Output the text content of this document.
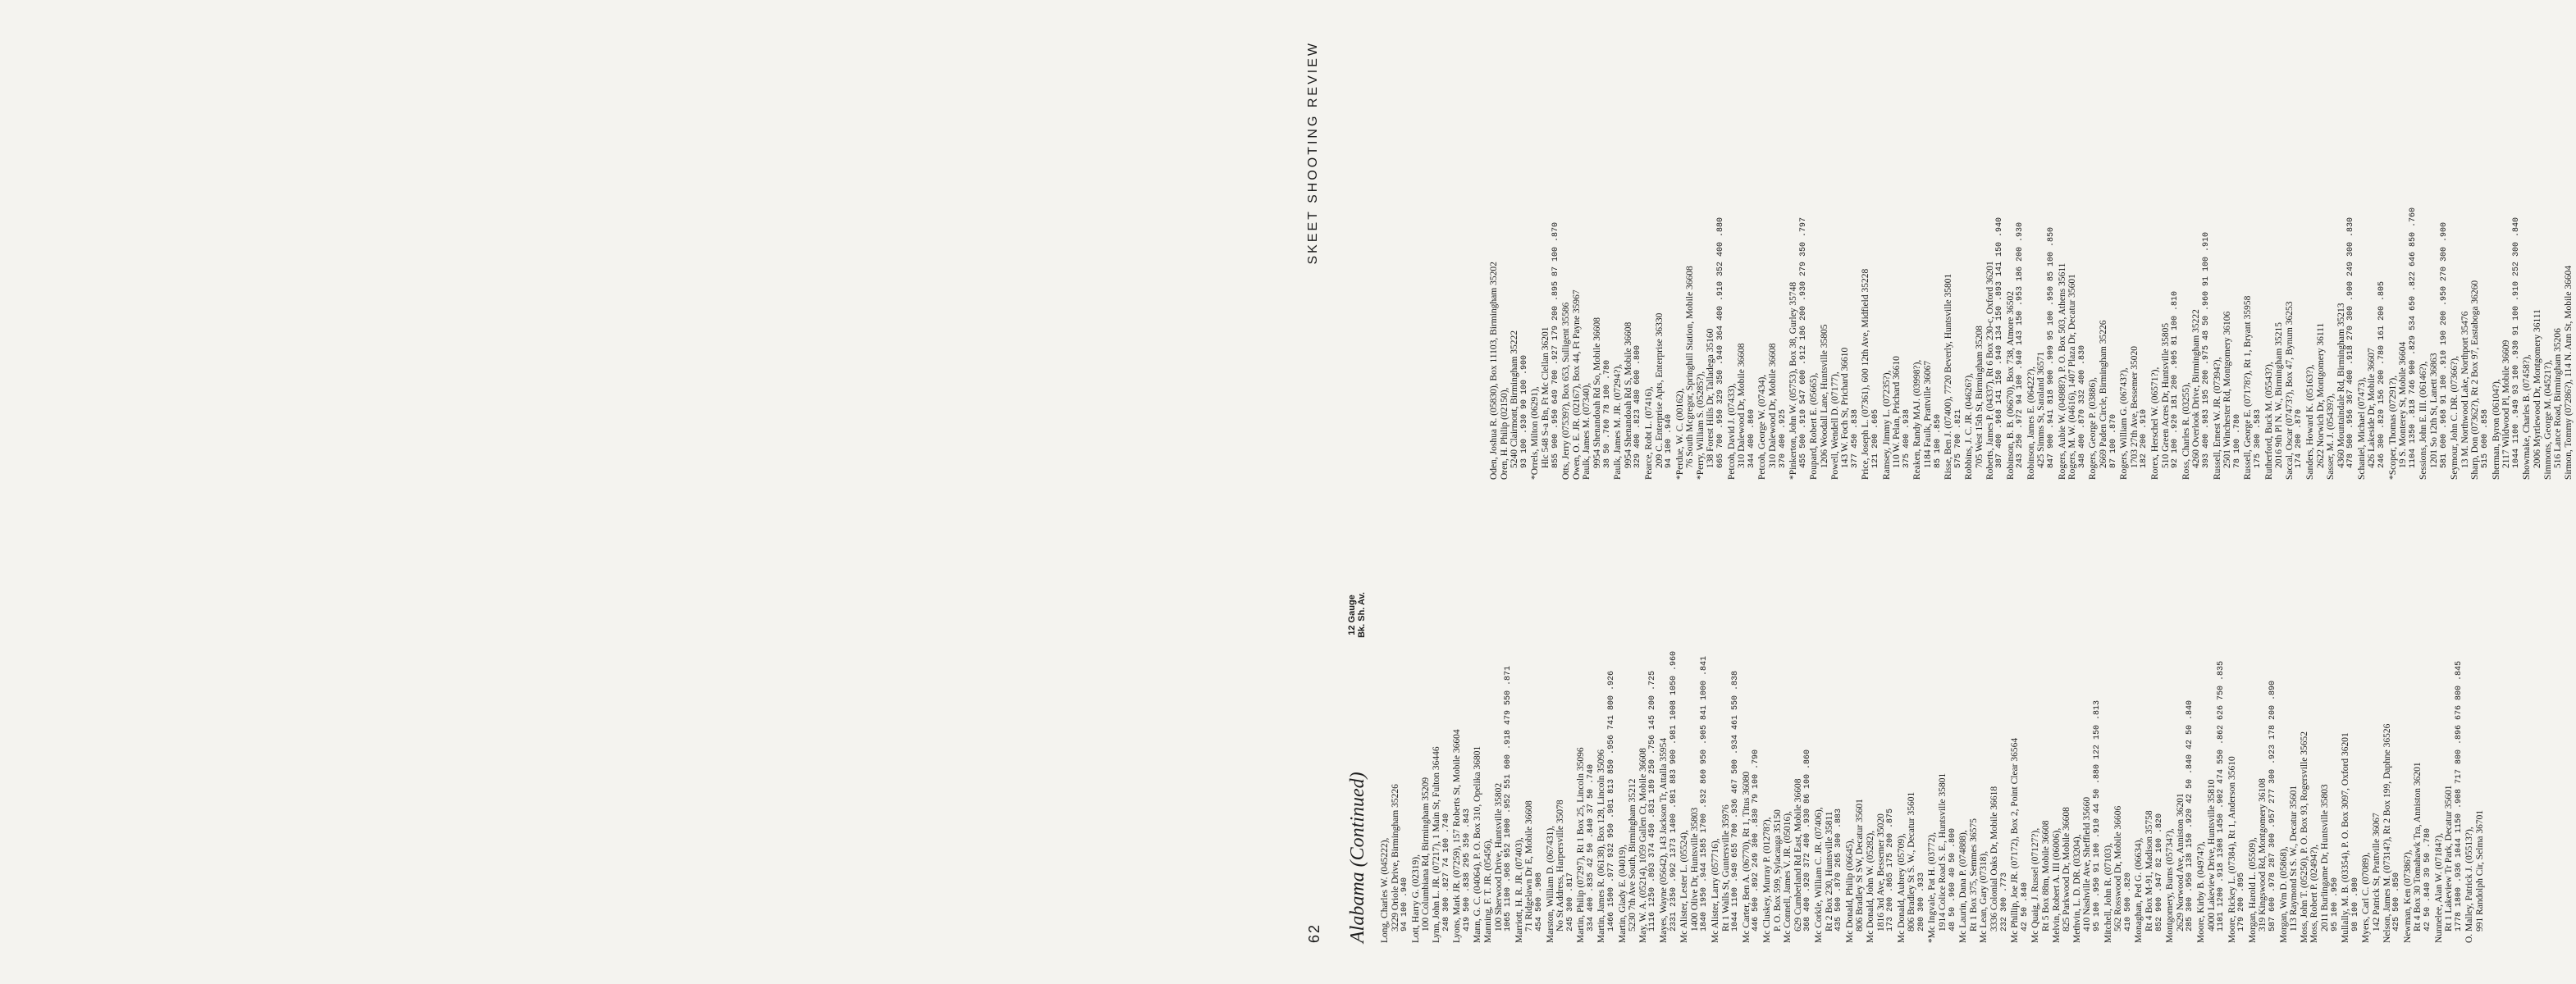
62
SKEET SHOOTING REVIEW
Alabama (Continued) Long, Charles W. (045222), 3229 Oriole Drive, Birmingham 35226 94 100 .940 Lott, Harry G. (02319), 100 Columbiana Rd, Birmingham 35209 Lynn, John L. JR. (07217), 1 Main St, Fulton 36446 248 300 .827 74 100 .740 Lyons, Mark JR. (07259), 157 Roberts St, Mobile 36604 419 500 .838 295 350 .843 Mann, G. C. (04064), P. O. Box 310, Opelika 36801 Manning, F. T. JR. (05456), 100 Sherwood Drive, Huntsville 35802 1065 1100 .968 952 1000 .952 551 600 .918 479 550 .871 Marriott, H. R. JR. (07403), 71 Ridgelawn Dr E, Mobile 36608 454 500 .908 Marston, William D. (067431), No St Address, Harpersville 35078 245 300 .817 Martin, Philip (07297), Rt 1 Box 25, Lincoln 35096 334 400 .835 42 50 .840 37 50 .740 Martin, James R. (06138), Box 128, Lincoln 35096 1466 1500 .977 932 950 .981 813 850 .956 741 800 .926 Martin, Glady E. (04019), 5230 7th Ave South, Birmingham 35212 May, W. A. (05214), 1059 Gallen Ct, Mobile 36608 1116 1250 .893 374 450 .831 189 250 .756 145 200 .725 Mayes, Wayne (05642), 143 Jackson Tr, Attalla 35954 2331 2350 .992 1373 1400 .981 883 900 .981 1008 1050 .960 Mc Alister, Lester L. (05524), 1400 Olive Dr, Huntsville 35803 1840 1950 .944 1585 1700 .932 860 950 .905 841 1000 .841 Mc Alister, Larry (057716), Rt 1 Walls St, Guntersville 35976 1044 1100 .949 655 700 .936 467 500 .934 461 550 .838 Mc Carter, Ben A. (06770), Rt 1, Titus 36080 446 500 .892 249 300 .830 79 100 .790 Mc Cluskey, Murray P. (01278?), P. O. Box 599, Sylacauga 35150 Mc Connell, James V. JR. (05016), 629 Cumberland Rd East, Mobile 36608 368 400 .920 372 400 .930 86 100 .860 Mc Corkle, William C. JR. (07406), Rt 2 Box 230, Huntsville 35811 435 500 .870 265 300 .883 Mc Donald, Philip (06645), 806 Bradley St SW, Decatur 35601 Mc Donald, John W. (05282), 1816 3rd Ave, Bessemer 35020 173 200 .865 175 200 .875 Mc Donald, Aubrey (05709), 806 Bradley St S. W., Decatur 35601 280 300 .933 *Mc Ingvale, Pat H. (03772), 1914 Colice Road S. E., Huntsville 35801 48 50 .960 40 50 .800 Mc Laurin, Dana P. (074888), Rt 1 Box 375, Semmes 36575 Mc Lean, Gary (07318), 3336 Colonial Oaks Dr, Mobile 36618 232 300 .773 Mc Phillip, Joe JR. (07172), Box 2, Point Clear 36564 42 50 .840 Mc Quaig, J. Russel (07127?), Rt 5 Box 88m, Mobile 36608 Melvin, Robert A. III (06006), 825 Parkwood Dr, Mobile 36608 Methvin, L. D. DR. (03204), 410 Nashville Ave, Sheffield 35660 95 100 .950 91 100 .910 44 50 .880 122 150 .813 Mitchell, John R. (07103), 562 Rosswood Dr, Mobile 36606 410 500 .820 Monaghan, Ped G. (06634), Rt 4 Box M-91, Madison 35758 852 900 .947 82 100 .820 Montgomery, Burns (05734?), 2629 Norwood Ave, Anniston 36201 285 300 .950 138 150 .920 42 50 .840 42 50 .840 Moore, Kirby B. (04974?), 4000 Lakeview Drive, Huntsville 35810 1101 1200 .918 1308 1450 .902 474 550 .862 626 750 .835 Moore, Rickey L. (07384), Rt 1, Anderson 35610 179 200 .895 Morgan, Harold L. (05509), 319 Kingswood Rd, Montgomery 36108 587 600 .978 287 300 .957 277 300 .923 178 200 .890 Morgan, Wm D. (05868), 113 Raymond St S. W., Decatur 35601 Moss, John T. (05250), P. O. Box 93, Rogersville 35652 Moss, Robert P. (02494?), 2011 Burlingame Dr, Huntsville 35803 95 100 .950 Mullally, M. B. (03354), P. O. Box 3097, Oxford 36201 98 100 .980 Myers, Carl C. (07089), 142 Patrick St, Prattville 36067 Nelson, James M. (07314?), Rt 2 Box 199, Daphne 36526 425 500 .850 Newman, Ken (07386?), Rt 4 Box 30 Tomahawk Tra, Anniston 36201 42 50 .840 39 50 .780 Nunnelee, Alan W. (07184?), Rt 1 Lakeview Tr Park, Decatur 35601 1778 1800 .936 1044 1150 .908 717 800 .896 676 800 .845 O. Malley, Patrick J. (05513?), 991 Randolph Cir, Selma 36701
Oden, Joshua R. (05830), Box 11103, Birmingham 35202 Oren, H. Philip (02150), 5240 Clairmont, Birmingham 35222 93 100 .930 90 100 .900 *Orrels, Milton (06291), Hlc 548 S-a Bn, Ft Mc Clellan 36201 855 900 .950 649 700 .927 179 200 .895 87 100 .870 Otts, Jerry (07539?), Box 653, Sulligent 35586 Owen, O. E. JR. (02167), Box 44, Ft Payne 35967 Paulk, James M. (07340), 9954 Shenandoah Rd So, Mobile 36608 38 50 .760 78 100 .780 Paulk, James M. JR. (07294?), 9954 Shenandoah Rd S, Mobile 36608 329 400 .823 480 600 .800 Pearce, Robt L. (07416), 209 C. Enterprise Apts, Enterprise 36330 94 100 .940 *Perdue, W. C. (00162), 76 South Mcgregor, Springhill Station, Mobile 36608 *Perry, William S. (05285?), 138 Forest Hills Dr, Talladega 35160 665 700 .950 329 350 .940 364 400 .910 352 400 .880 Petcoh, David J. (07433), 310 Dalewood Dr, Mobile 36608 344 400 .860 Petcoh, George W. (07434), 310 Dalewood Dr, Mobile 36608 370 400 .925 *Pinkerton, John W. (05753), Box 38, Gurley 35748 455 500 .910 547 600 .912 186 200 .930 279 350 .797 Poupard, Robert E. (05665), 1206 Woodall Lane, Huntsville 35805 Powell, Wendell D. (07177), 143 W. Foch St, Prichard 36610 377 450 .838 Price, Joseph L. (07361), 600 12th Ave, Midfield 35228 121 200 .605 Ramsey, Jimmy L. (07235?), 110 W. Pelan, Prichard 36610 375 400 .938 Reaken, Randy MAJ. (03998?), 1184 Faulk, Prattville 36067 85 100 .850 Risse, Ben J. (07400), 7720 Beverly, Huntsville 35801 575 700 .821 Robbins, J. C. JR. (04626?), 705 West 15th St, Birmingham 35208 Roberts, James P. (04337), Rt 6 Box 230-c, Oxford 36201 387 400 .968 141 150 .940 134 150 .893 141 150 .940 Robinson, B. B. (06670), Box 738, Atmore 36502 243 250 .972 94 100 .940 143 150 .953 186 200 .930 Robinson, James E. (06422?), 425 Simms St, Saraland 36571 847 900 .941 818 900 .909 95 100 .950 85 100 .850 Rogers, Aubie W. (04988?), P. O. Box 503, Athens 35611 Rogers, M. W. (04616), 1407 Plaza Dr, Decatur 35601 348 400 .870 332 400 .830 Rogers, George P. (03886), 2669 Paden Circle, Birmingham 35226 87 100 .870 Rogers, William G. (06743?), 1703 27th Ave, Bessemer 35020 182 200 .910 Rorex, Herschel W. (06571?), 510 Green Acres Dr, Huntsville 35805 92 100 .920 181 200 .905 81 100 .810 Ross, Charles R. (03255), 4260 Overlook Drive, Birmingham 35222 393 400 .983 195 200 .975 48 50 .960 91 100 .910 Russell, Ernest W. JR. (07394?), 2501 Winchester Rd, Montgomery 36106 78 100 .780 Russell, George E. (07178?), Rt 1, Bryant 35958 175 300 .583 Rutherford, Buck M. (05543?), 2016 9th Pl N. W., Birmingham 35215 Saccal, Oscar (07473?), Box 47, Bynum 36253 174 200 .870 Sanders, Howard K. (05163?), 2622 Norwich Dr, Montgomery 36111 Sasser, M. J. (05439?), 4360 Mountaindale Rd, Birmingham 35213 478 500 .956 367 400 .918 270 300 .900 249 300 .830 Schaniel, Michael (07473), 426 Lakeside Dr, Mobile 36607 246 300 .820 156 200 .780 161 200 .805 *Scoper, Thomas (07291?), 19 S. Monterey St, Mobile 36604 1104 1350 .818 746 900 .829 534 650 .822 646 850 .760 Sessions, John E. III. (06146?), 1201 So 12th St, Lanett 36863 581 600 .968 91 100 .910 190 200 .950 270 300 .900 Seymour, John C. DR. (07366?), 13 M. Northwood Lake, Northport 35476 Sharp, Don (07362?), Rt 2 Box 97, Eastaboga 36260 515 600 .858 Sherman, Byron (06104?), 2117 Wildwood Pl, Mobile 36609 1044 1100 .949 93 100 .930 91 100 .910 252 300 .840 Showmake, Charles B. (07458?), 2006 Myrtlewood Dr, Montgomery 36111 Simmons, George M. (04521?), 516 Lance Road, Birmingham 35206 Sirmon, Tommy (07286?), 114 N. Ann St, Mobile 36604
12 Gauge Bk. Sh. Av.
